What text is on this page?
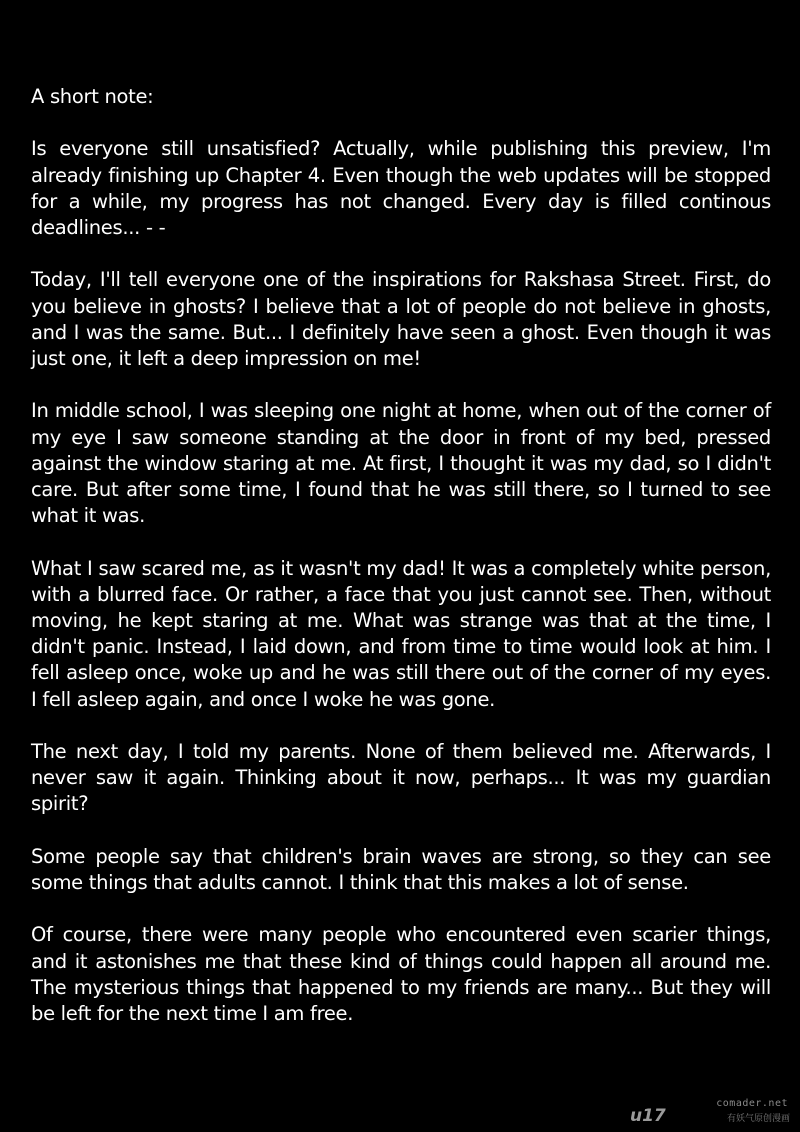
A short note:

Is everyone still unsatisfied? Actually, while publishing this preview, I'm already finishing up Chapter 4. Even though the web updates will be stopped for a while, my progress has not changed. Every day is filled continous deadlines... - -

Today, I'll tell everyone one of the inspirations for Rakshasa Street. First, do you believe in ghosts? I believe that a lot of people do not believe in ghosts, and I was the same. But... I definitely have seen a ghost. Even though it was just one, it left a deep impression on me!

In middle school, I was sleeping one night at home, when out of the corner of my eye I saw someone standing at the door in front of my bed, pressed against the window staring at me. At first, I thought it was my dad, so I didn't care. But after some time, I found that he was still there, so I turned to see what it was.

What I saw scared me, as it wasn't my dad! It was a completely white person, with a blurred face. Or rather, a face that you just cannot see. Then, without moving, he kept staring at me. What was strange was that at the time, I didn't panic. Instead, I laid down, and from time to time would look at him. I fell asleep once, woke up and he was still there out of the corner of my eyes. I fell asleep again, and once I woke he was gone.

The next day, I told my parents. None of them believed me. Afterwards, I never saw it again. Thinking about it now, perhaps... It was my guardian spirit?

Some people say that children's brain waves are strong, so they can see some things that adults cannot. I think that this makes a lot of sense.

Of course, there were many people who encountered even scarier things, and it astonishes me that these kind of things could happen all around me. The mysterious things that happened to my friends are many... But they will be left for the next time I am free.

comader.net
u17	有妖气原创漫画
